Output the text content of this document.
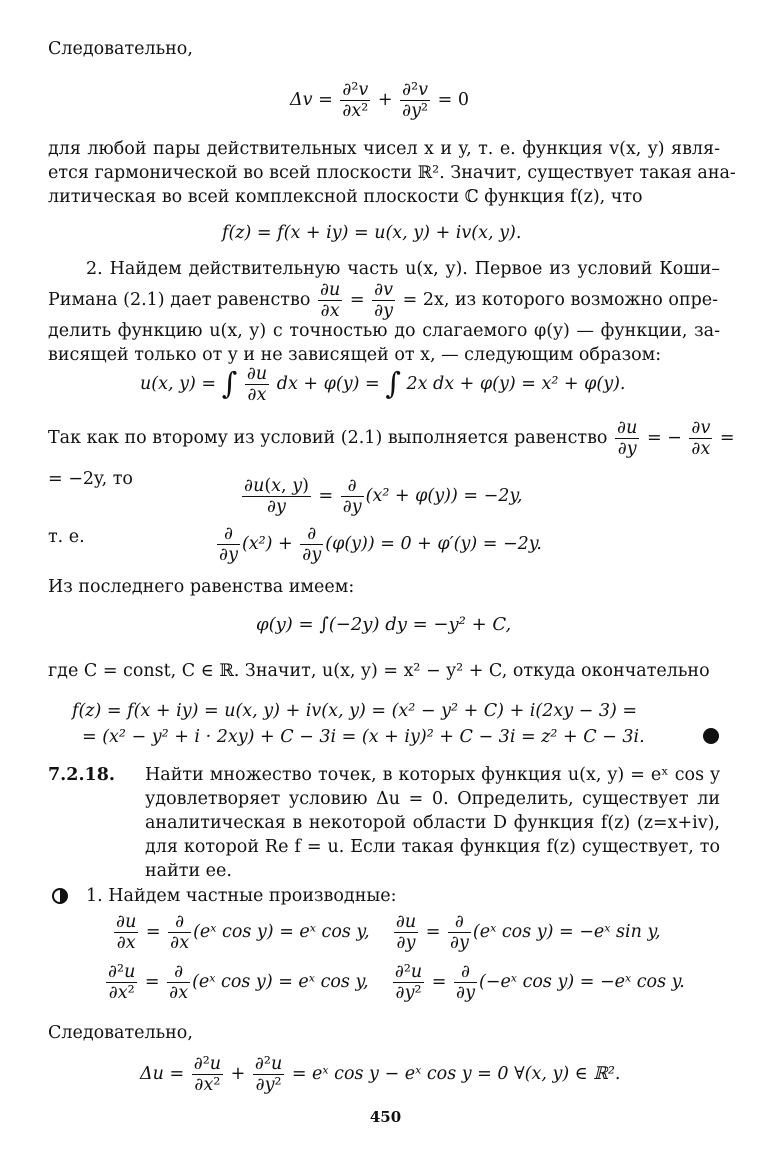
Следовательно,
$\Delta v = \frac{\text{∂²v}}{\text{∂x²}} + \frac{\text{∂²v}}{\text{∂y²}} = 0$
для любой пары действительных чисел x и y, т. е. функция v(x, y) явля-
ется гармонической во всей плоскости ℝ². Значит, существует такая ана-
литическая во всей комплексной плоскости ℂ функция f(z), что
f(z) = f(x + iy) = u(x, y) + iv(x, y).
2. Найдем действительную часть u(x, y). Первое из условий Коши–
Римана (2.1) дает равенство $\frac{\partial u}{\partial x} = \frac{\partial v}{\partial y} = 2x$, из которого возможно опре-
делить функцию u(x, y) с точностью до слагаемого φ(y) — функции, за-
висящей только от y и не зависящей от x, — следующим образом:
u(x, y) = ∫ $\frac{\partial u}{\partial x}$ dx + φ(y) = ∫ 2x dx + φ(y) = x² + φ(y).
Так как по второму из условий (2.1) выполняется равенство $\frac{\partial u}{\partial y}$ = − $\frac{\partial v}{\partial x}$ =
= −2y, то	$\frac{\partial u(x, y)}{\partial y} = \frac{\partial}{\partial y} (x^2 + \varphi(y)) = -2y$,
т. е.	$\frac{\partial}{\partial y} (x^2) + \frac{\partial}{\partial y} (\varphi(y)) = 0 + \varphi'(y) = -2y$.
Из последнего равенства имеем:
φ(y) = ∫(−2y) dy = −y² + C,
где C = const, C ∈ ℝ. Значит, u(x, y) = x² − y² + C, откуда окончательно
f(z) = f(x + iy) = u(x, y) + iv(x, y) = (x² − y² + C) + i(2xy − 3) =
= (x² − y² + i · 2xy) + C − 3i = (x + iy)² + C − 3i = z² + C − 3i.
7.2.18. Найти множество точек, в которых функция u(x, y) = eˣ cos y
удовлетворяет условию Δu = 0. Определить, существует ли
аналитическая в некоторой области D функция f(z) (z=x+iv),
для которой Re f = u. Если такая функция f(z) существует, то
найти ее.
1. Найдем частные производные:
$\frac{\partial u}{\partial x} = \frac{\partial}{\partial x}$ (eˣ cos y) = eˣ cos y, $\frac{\partial u}{\partial y} = \frac{\partial}{\partial y}$ (eˣ cos y) = −eˣ sin y,
$\frac{\text{∂²u}}{\text{∂x²}} = \frac{\partial}{\partial x}$ (eˣ cos y) = eˣ cos y, $\frac{\text{∂²u}}{\text{∂y²}} = \frac{\partial}{\partial y}$ (−eˣ cos y) = −eˣ cos y.
Следовательно,
$\Delta u = \frac{\text{∂²u}}{\text{∂x²}} + \frac{\text{∂²u}}{\text{∂y²}}$ = eˣ cos y − eˣ cos y = 0 ∀(x, y) ∈ ℝ².
450
